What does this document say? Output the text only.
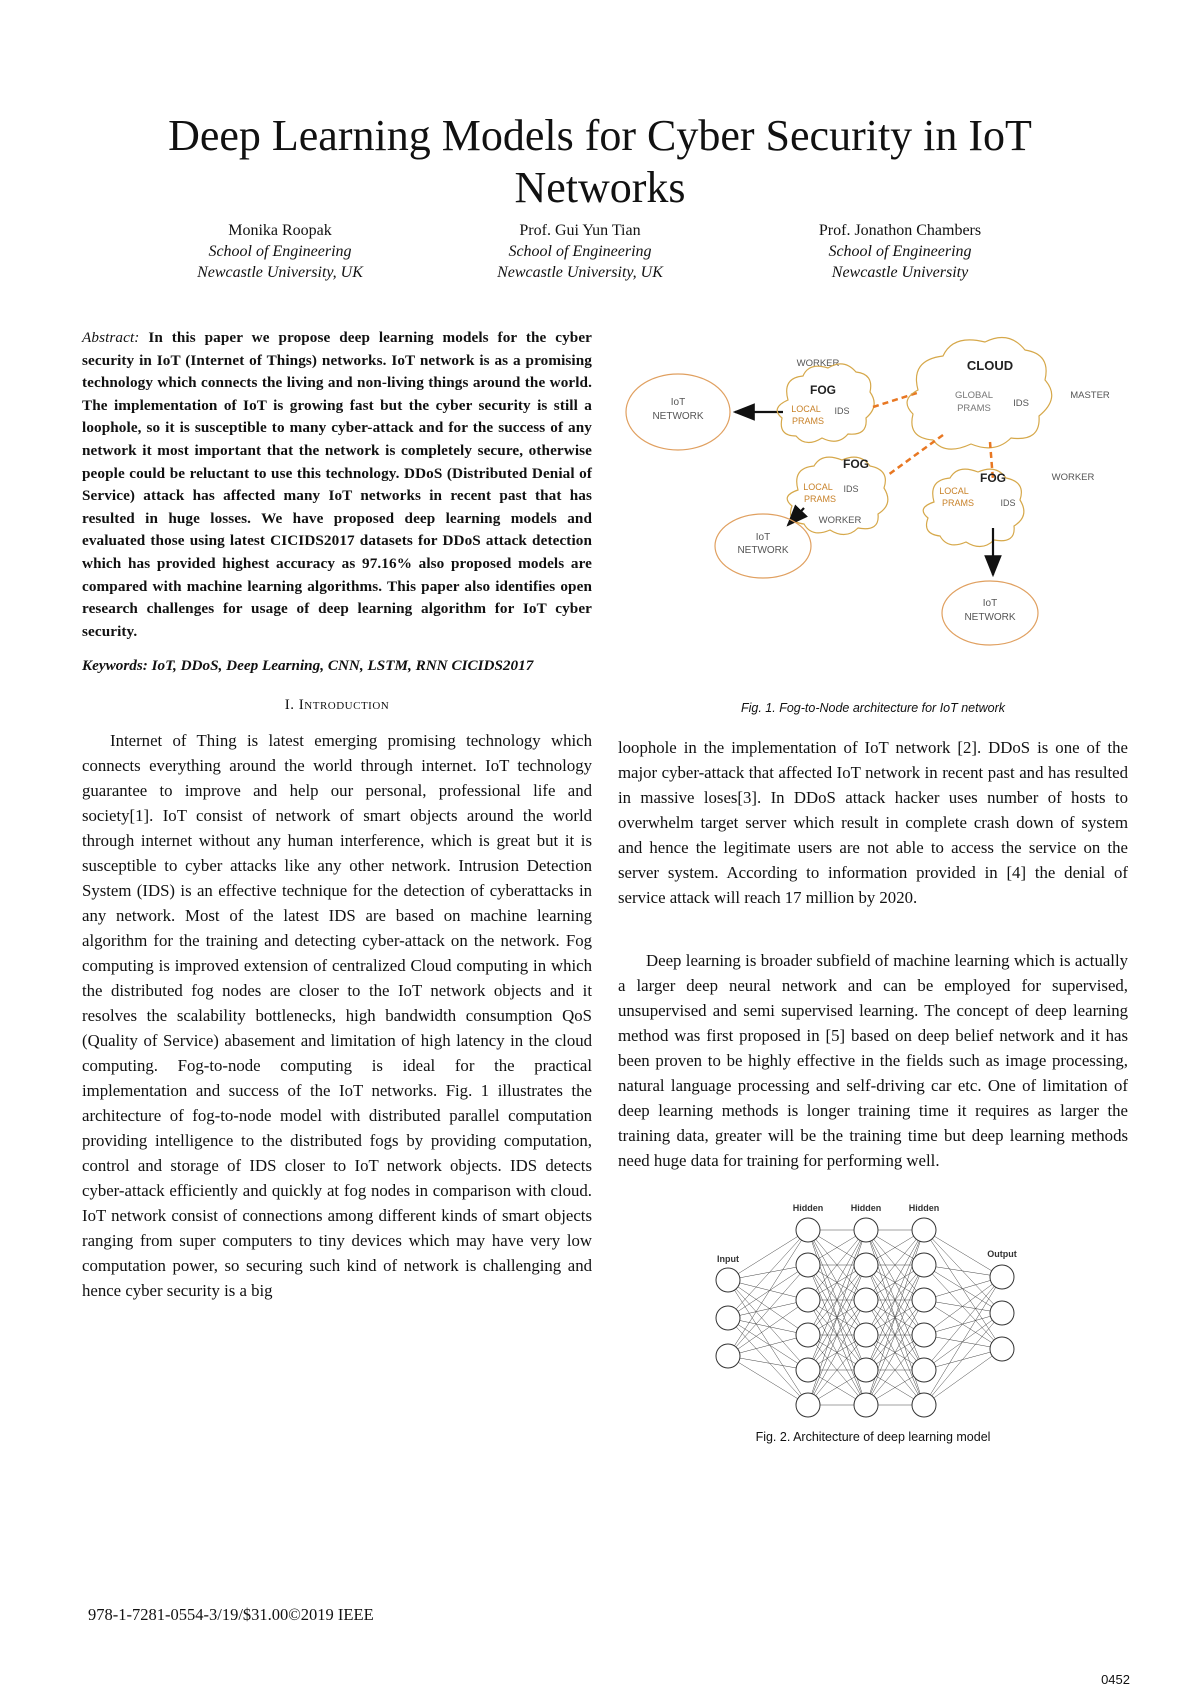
Deep Learning Models for Cyber Security in IoT Networks
Monika Roopak
School of Engineering
Newcastle University, UK
Prof. Gui Yun Tian
School of Engineering
Newcastle University, UK
Prof. Jonathon Chambers
School of Engineering
Newcastle University

Abstract: In this paper we propose deep learning models for the cyber security in IoT (Internet of Things) networks. IoT network is as a promising technology which connects the living and non-living things around the world. The implementation of IoT is growing fast but the cyber security is still a loophole, so it is susceptible to many cyber-attack and for the success of any network it most important that the network is completely secure, otherwise people could be reluctant to use this technology. DDoS (Distributed Denial of Service) attack has affected many IoT networks in recent past that has resulted in huge losses. We have proposed deep learning models and evaluated those using latest CICIDS2017 datasets for DDoS attack detection which has provided highest accuracy as 97.16% also proposed models are compared with machine learning algorithms. This paper also identifies open research challenges for usage of deep learning algorithm for IoT cyber security.

Keywords: IoT, DDoS, Deep Learning, CNN, LSTM, RNN CICIDS2017

I. Introduction

Internet of Thing is latest emerging promising technology which connects everything around the world through internet. IoT technology guarantee to improve and help our personal, professional life and society[1]. IoT consist of network of smart objects around the world through internet without any human interference, which is great but it is susceptible to cyber attacks like any other network. Intrusion Detection System (IDS) is an effective technique for the detection of cyberattacks in any network. Most of the latest IDS are based on machine learning algorithm for the training and detecting cyber-attack on the network. Fog computing is improved extension of centralized Cloud computing in which the distributed fog nodes are closer to the IoT network objects and it resolves the scalability bottlenecks, high bandwidth consumption QoS (Quality of Service) abasement and limitation of high latency in the cloud computing. Fog-to-node computing is ideal for the practical implementation and success of the IoT networks. Fig. 1 illustrates the architecture of fog-to-node model with distributed parallel computation providing intelligence to the distributed fogs by providing computation, control and storage of IDS closer to IoT network objects. IDS detects cyber-attack efficiently and quickly at fog nodes in comparison with cloud. IoT network consist of connections among different kinds of smart objects ranging from super computers to tiny devices which may have very low computation power, so securing such kind of network is challenging and hence cyber security is a big

IoT
NETWORK
WORKER
FOG
LOCAL
PRAMS
IDS
CLOUD
GLOBAL
PRAMS IDS
MASTER
FOG
LOCAL
PRAMS
IDS
WORKER
IoT
NETWORK
FOG
LOCAL
PRAMS	IDS
WORKER
IoT
NETWORK
Fig. 1. Fog-to-Node architecture for IoT network

loophole in the implementation of IoT network [2]. DDoS is one of the major cyber-attack that affected IoT network in recent past and has resulted in massive loses[3]. In DDoS attack hacker uses number of hosts to overwhelm target server which result in complete crash down of system and hence the legitimate users are not able to access the service on the server system. According to information provided in [4] the denial of service attack will reach 17 million by 2020.

Deep learning is broader subfield of machine learning which is actually a larger deep neural network and can be employed for supervised, unsupervised and semi supervised learning. The concept of deep learning method was first proposed in [5] based on deep belief network and it has been proven to be highly effective in the fields such as image processing, natural language processing and self-driving car etc. One of limitation of deep learning methods is longer training time it requires as larger the training data, greater will be the training time but deep learning methods need huge data for training for performing well.

Input
Hidden	Hidden	Hidden
Output
Fig. 2. Architecture of deep learning model
978-1-7281-0554-3/19/$31.00©2019 IEEE
0452
